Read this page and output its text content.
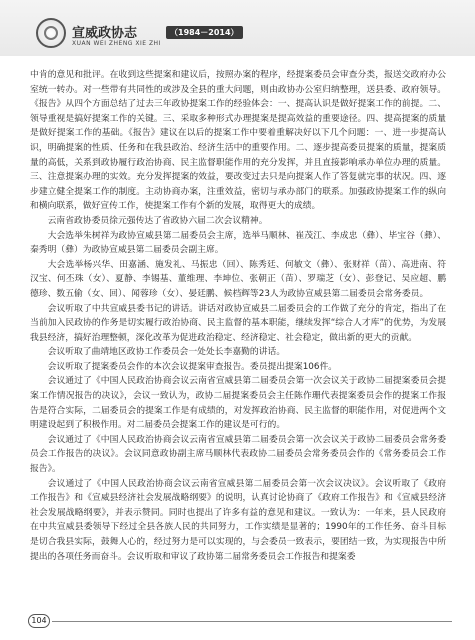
宣威政协志	（1984－2014）
XUAN WEI ZHENG XIE ZHI

中肯的意见和批评。在收到这些提案和建议后，按照办案的程序，经提案委员会审查分类，报送交政府办公室统一转办。对一些带有共同性的或涉及全县的重大问题，则由政协办公室归纳整理，送县委、政府领导。《报告》从四个方面总结了过去三年政协提案工作的经验体会：一、提高认识是做好提案工作的前提。二、领导重视是搞好提案工作的关键。三、采取多种形式办理提案是提高效益的重要途径。四、提高提案的质量是做好提案工作的基础。《报告》建议在以后的提案工作中要着重解决好以下几个问题：一、进一步提高认识，明确提案的性质、任务和在我县政治、经济生活中的重要作用。二、逐步提高委员提案的质量，提案质量的高低，关系到政协履行政治协商、民主监督职能作用的充分发挥，并且直接影响承办单位办理的质量。三、注意提案办理的实效。充分发挥提案的效益，要改变过去只是向提案人作了答复就完事的状况。四、逐步建立健全提案工作的制度。主动协商办案，注重效益，密切与承办部门的联系。加强政协提案工作的纵向和横向联系，做好宣传工作，使提案工作有个新的发展，取得更大的成绩。

云南省政协委员徐元强传达了省政协六届二次会议精神。

大会选举朱树祥为政协宣威县第二届委员会主席，选举马顺林、崔茂江、李成忠（彝）、毕宝谷（彝）、秦秀明（彝）为政协宣威县第二届委员会副主席。

大会选举杨兴华、田嘉涵、施发礼、马振忠（回）、陈秀廷、何敏文（彝）、张财祥（苗）、高进南、符汉宝、何丕珠（女）、夏静、李锡基、董维理、李坤位、张朝正（苗）、罗瑞芝（女）、彭登记、吴应超、鹏德珍、数五偷（女、回）、闻蓉珍（女）、晏廷鹏、候档辉等23人为政协宣威县第二届委员会常务委员。

会议听取了中共宣威县委书记的讲话。讲话对政协宣威县二届委员会的工作做了充分的肯定，指出了在当前加入民政协的作务是切实履行政治协商、民主监督的基本职能，继续发挥“综合人才库”的优势，为发展我县经济，搞好治理整顿，深化改革为促进政治稳定、经济稳定、社会稳定，做出新的更大的贡献。

会议听取了曲靖地区政协工作委员会一处处长李嘉勤的讲话。

会议听取了提案委员会作的本次会议提案审查报告。委员提出提案106件。

会议通过了《中国人民政治协商会议云南省宣威县第二届委员会第一次会议关于政协二届提案委员会提案工作情况报告的决议》，会议一致认为，政协二届提案委员会主任陈作珊代表提案委员会作的提案工作报告是符合实际，二届委员会的提案工作是有成绩的，对发挥政治协商、民主监督的职能作用，对促进两个文明建设起到了积极作用。对二届委员会提案工作的建议是可行的。

会议通过了《中国人民政治协商会议云南省宣威县第二届委员会第一次会议关于政协二届委员会常务委员会工作报告的决议》。会议同意政协副主席马顺林代表政协二届委员会常务委员会作的《常务委员会工作报告》。

会议通过了《中国人民政治协商会议云南省宣威县第二届委员会第一次会议决议》。会议听取了《政府工作报告》和《宣威县经济社会发展战略纲要》的说明，认真讨论协商了《政府工作报告》和《宣威县经济社会发展战略纲要》，并表示赞同。同时也提出了许多有益的意见和建议。一致认为：一年来，县人民政府在中共宣威县委领导下经过全县各族人民的共同努力，工作实绩是显著的；1990年的工作任务、奋斗目标是切合我县实际，鼓舞人心的，经过努力是可以实现的，与会委员一致表示，要团结一致，为实现报告中所提出的各项任务而奋斗。会议听取和审议了政协第二届常务委员会工作报告和提案委

104
